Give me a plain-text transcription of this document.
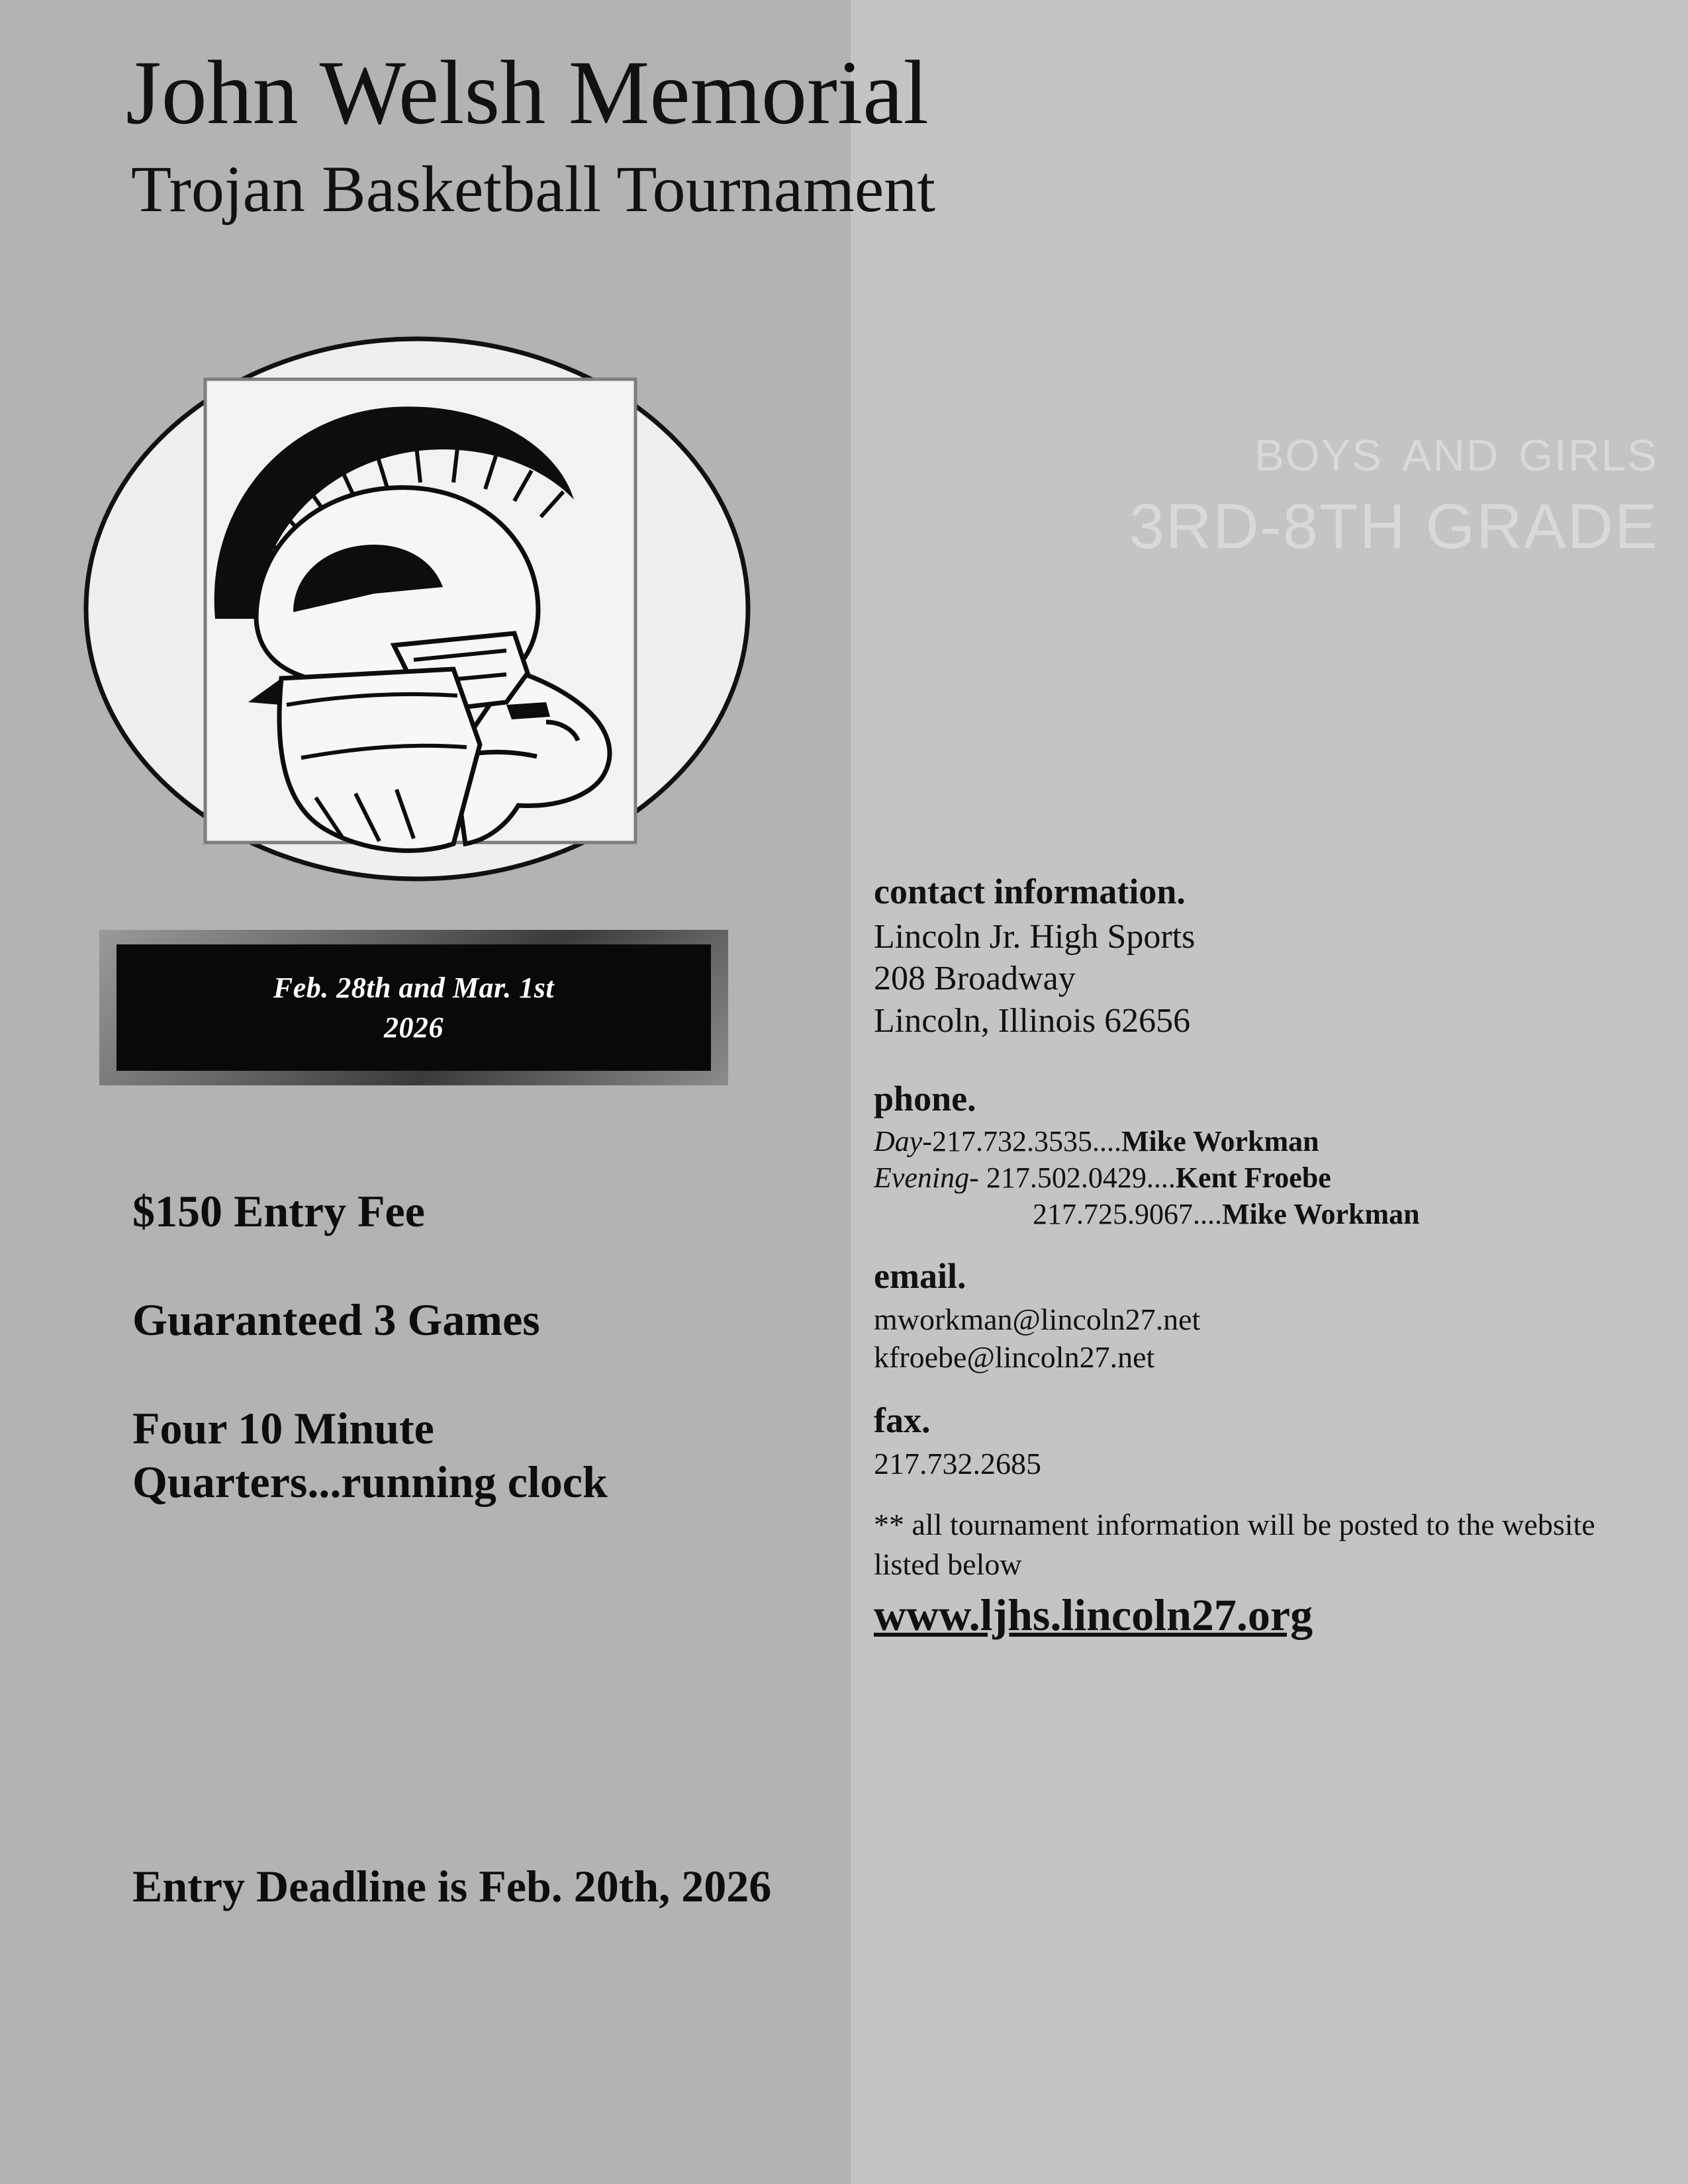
John Welsh Memorial
Trojan Basketball Tournament
Feb. 28th and Mar. 1st
2026
$150 Entry Fee
Guaranteed 3 Games
Four 10 Minute Quarters...running clock
Entry Deadline is Feb. 20th, 2026
boys and girls
3RD-8TH GRADE
contact information.
Lincoln Jr. High Sports
208 Broadway
Lincoln, Illinois 62656
phone.
Day-217.732.3535....Mike Workman
Evening- 217.502.0429....Kent Froebe
217.725.9067....Mike Workman
email.
mworkman@lincoln27.net
kfroebe@lincoln27.net
fax.
217.732.2685
** all tournament information will be posted to the website listed below
www.ljhs.lincoln27.org
